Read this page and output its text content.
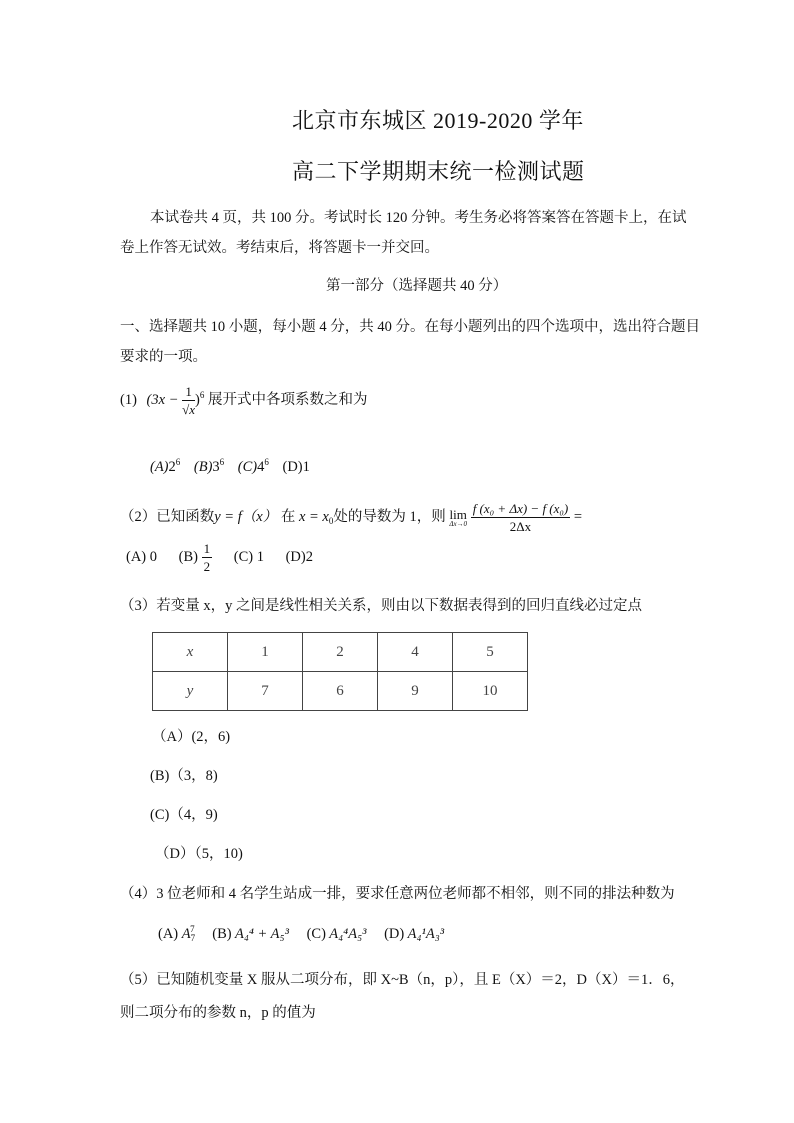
北京市东城区 2019-2020 学年
高二下学期期末统一检测试题
本试卷共 4 页，共 100 分。考试时长 120 分钟。考生务必将答案答在答题卡上，在试
卷上作答无试效。考结束后，将答题卡一并交回。
第一部分（选择题共 40 分）
一、选择题共 10 小题，每小题 4 分，共 40 分。在每小题列出的四个选项中，选出符合题目
要求的一项。
(1) $(3x - \frac{1}{√x} )^6$ 展开式中各项系数之和为
$(A)2^6$ $(B)3^6$ $(C)4^6$ (D)1
（2）已知函数y = f（x） 在 $x = x_0$处的导数为 1，则 lim
Δx→0
$\frac{\text{f (x₀ + Δx) − f (x₀)}}{2\Delta x}$ =
(A) 0 $(B) \frac{1}{2} (C)$ 1 (D)2
（3）若变量 x，y 之间是线性相关关系，则由以下数据表得到的回归直线必过定点
x	1	2	4	5
y	7	6	9	10
（A）(2，6)
(B)（3，8)
(C)（4，9)
（D）（5，10)
（4）3 位老师和 4 名学生站成一排，要求任意两位老师都不相邻，则不同的排法种数为
(A) $A_7^7$ (B) A₄⁴ + A₅³ (C) A₄⁴A₅³ (D) A₄¹A₃³
（5）已知随机变量 X 服从二项分布，即 X~B（n，p），且 E（X）＝2，D（X）＝1．6，
则二项分布的参数 n，p 的值为
